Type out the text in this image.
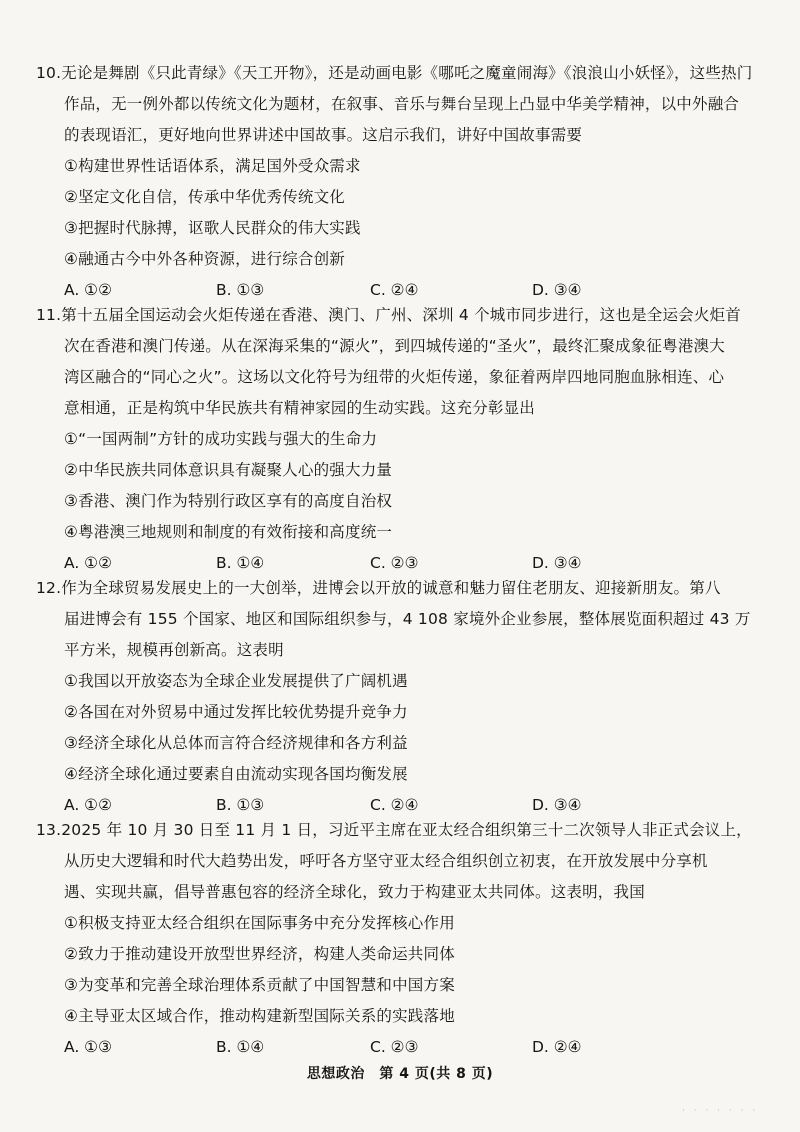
10.无论是舞剧《只此青绿》《天工开物》，还是动画电影《哪吒之魔童闹海》《浪浪山小妖怪》，这些热门
作品，无一例外都以传统文化为题材，在叙事、音乐与舞台呈现上凸显中华美学精神，以中外融合
的表现语汇，更好地向世界讲述中国故事。这启示我们，讲好中国故事需要
①构建世界性话语体系，满足国外受众需求
②坚定文化自信，传承中华优秀传统文化
③把握时代脉搏，讴歌人民群众的伟大实践
④融通古今中外各种资源，进行综合创新
A. ①②	B. ①③	C. ②④	D. ③④
11.第十五届全国运动会火炬传递在香港、澳门、广州、深圳 4 个城市同步进行，这也是全运会火炬首
次在香港和澳门传递。从在深海采集的“源火”，到四城传递的“圣火”，最终汇聚成象征粤港澳大
湾区融合的“同心之火”。这场以文化符号为纽带的火炬传递，象征着两岸四地同胞血脉相连、心
意相通，正是构筑中华民族共有精神家园的生动实践。这充分彰显出
①“一国两制”方针的成功实践与强大的生命力
②中华民族共同体意识具有凝聚人心的强大力量
③香港、澳门作为特别行政区享有的高度自治权
④粤港澳三地规则和制度的有效衔接和高度统一
A. ①②	B. ①④	C. ②③	D. ③④
12.作为全球贸易发展史上的一大创举，进博会以开放的诚意和魅力留住老朋友、迎接新朋友。第八
届进博会有 155 个国家、地区和国际组织参与，4 108 家境外企业参展，整体展览面积超过 43 万
平方米，规模再创新高。这表明
①我国以开放姿态为全球企业发展提供了广阔机遇
②各国在对外贸易中通过发挥比较优势提升竞争力
③经济全球化从总体而言符合经济规律和各方利益
④经济全球化通过要素自由流动实现各国均衡发展
A. ①②	B. ①③	C. ②④	D. ③④
13.2025 年 10 月 30 日至 11 月 1 日，习近平主席在亚太经合组织第三十二次领导人非正式会议上，
从历史大逻辑和时代大趋势出发，呼吁各方坚守亚太经合组织创立初衷，在开放发展中分享机
遇、实现共赢，倡导普惠包容的经济全球化，致力于构建亚太共同体。这表明，我国
①积极支持亚太经合组织在国际事务中充分发挥核心作用
②致力于推动建设开放型世界经济，构建人类命运共同体
③为变革和完善全球治理体系贡献了中国智慧和中国方案
④主导亚太区域合作，推动构建新型国际关系的实践落地
A. ①③	B. ①④	C. ②③	D. ②④
思想政治　第 4 页(共 8 页)
· · · · · · ·
